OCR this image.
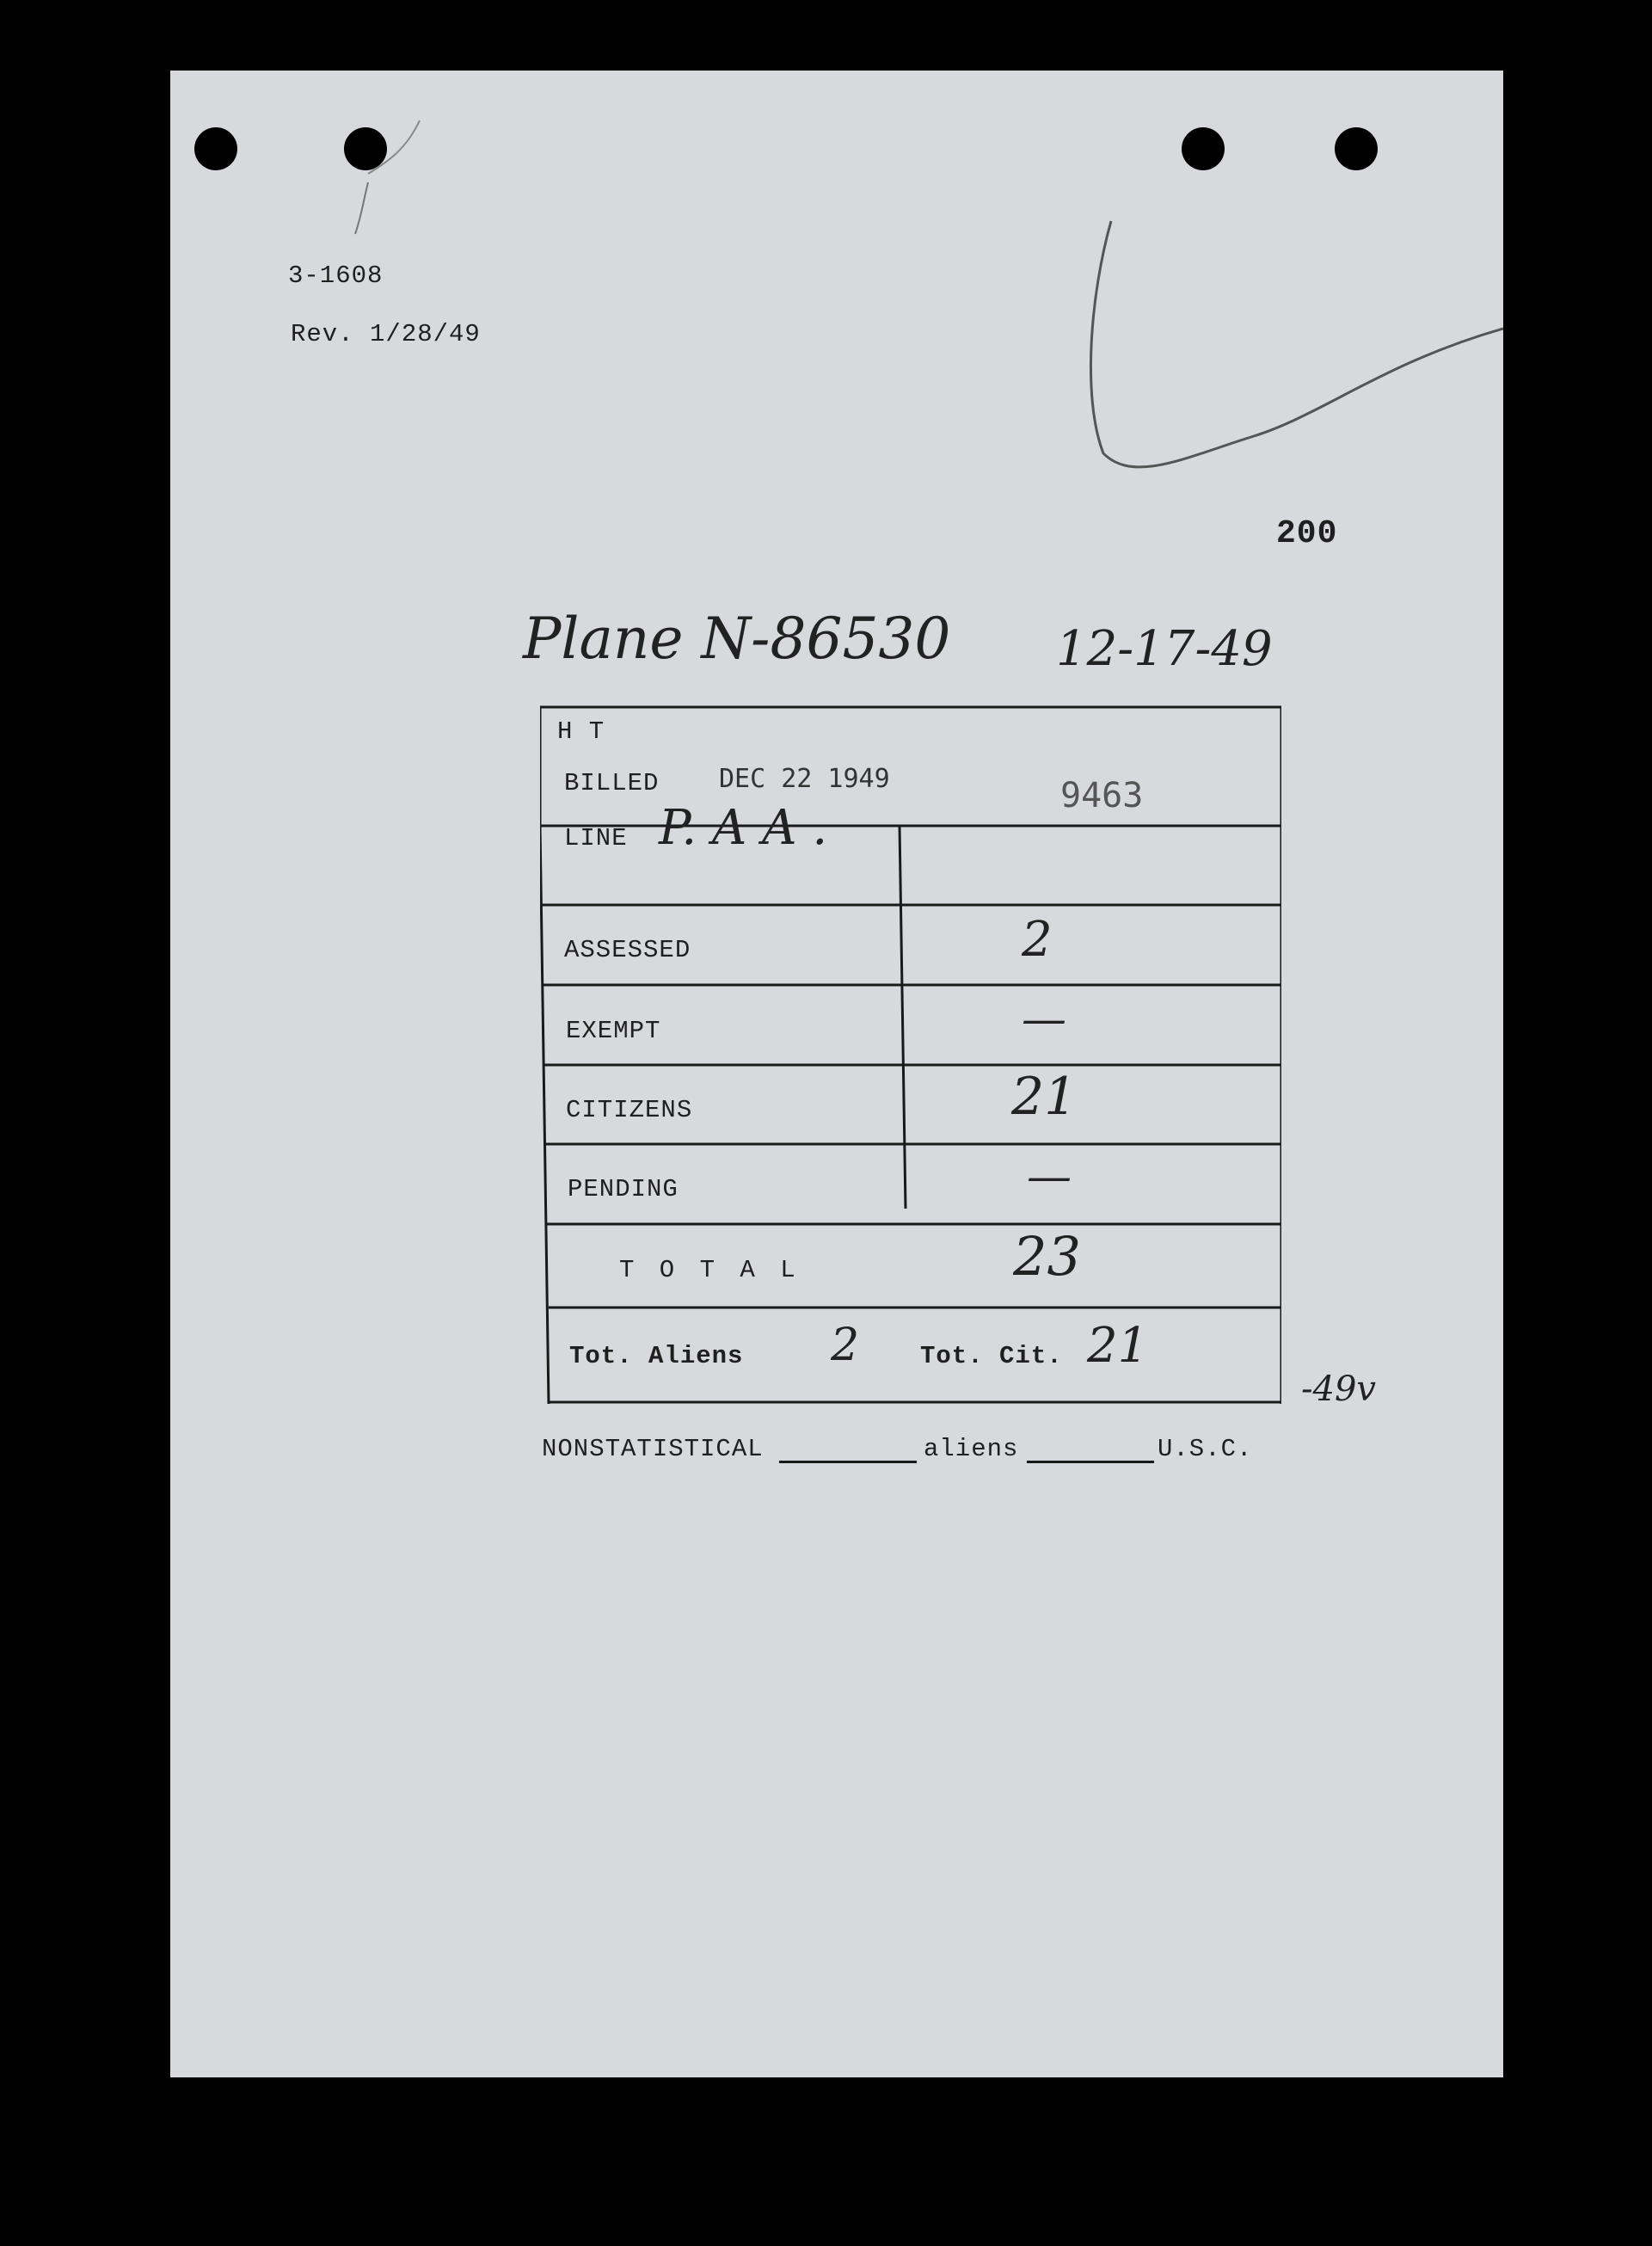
3-1608
Rev. 1/28/49
200
Plane N-86530 12-17-49
-49v
H T
BILLED DEC 22 1949	9463
LINE P. A A .
ASSESSED	2
EXEMPT	—
CITIZENS	21
PENDING	—
T O T A L	23
Tot. Aliens 2 Tot. Cit. 21
NONSTATISTICAL	aliens	U.S.C.
